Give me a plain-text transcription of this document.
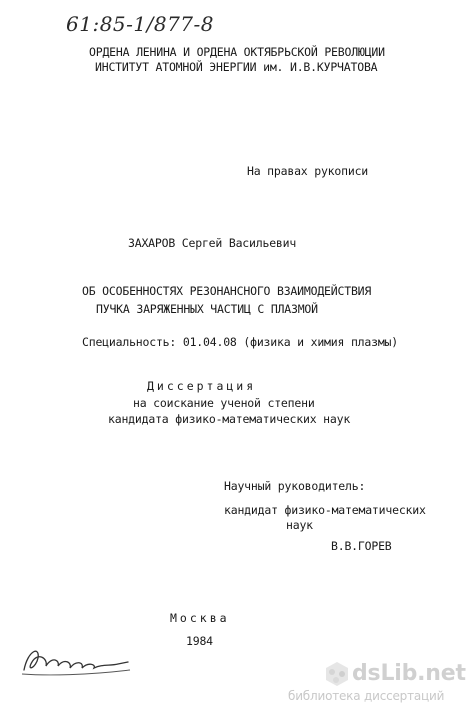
61:85-1/877-8
ОРДЕНА ЛЕНИНА И ОРДЕНА ОКТЯБРЬСКОЙ РЕВОЛЮЦИИ
ИНСТИТУТ АТОМНОЙ ЭНЕРГИИ им. И.В.КУРЧАТОВА
На правах рукописи
ЗАХАРОВ Сергей Васильевич
ОБ ОСОБЕННОСТЯХ РЕЗОНАНСНОГО ВЗАИМОДЕЙСТВИЯ
ПУЧКА ЗАРЯЖЕННЫХ ЧАСТИЦ С ПЛАЗМОЙ
Специальность: 01.04.08 (физика и химия плазмы)
Диссертация
на соискание ученой степени
кандидата физико-математических наук
Научный руководитель:
кандидат физико-математических
наук
В.В.ГОРЕВ
Москва
1984
dsLib.net
библиотека диссертаций
